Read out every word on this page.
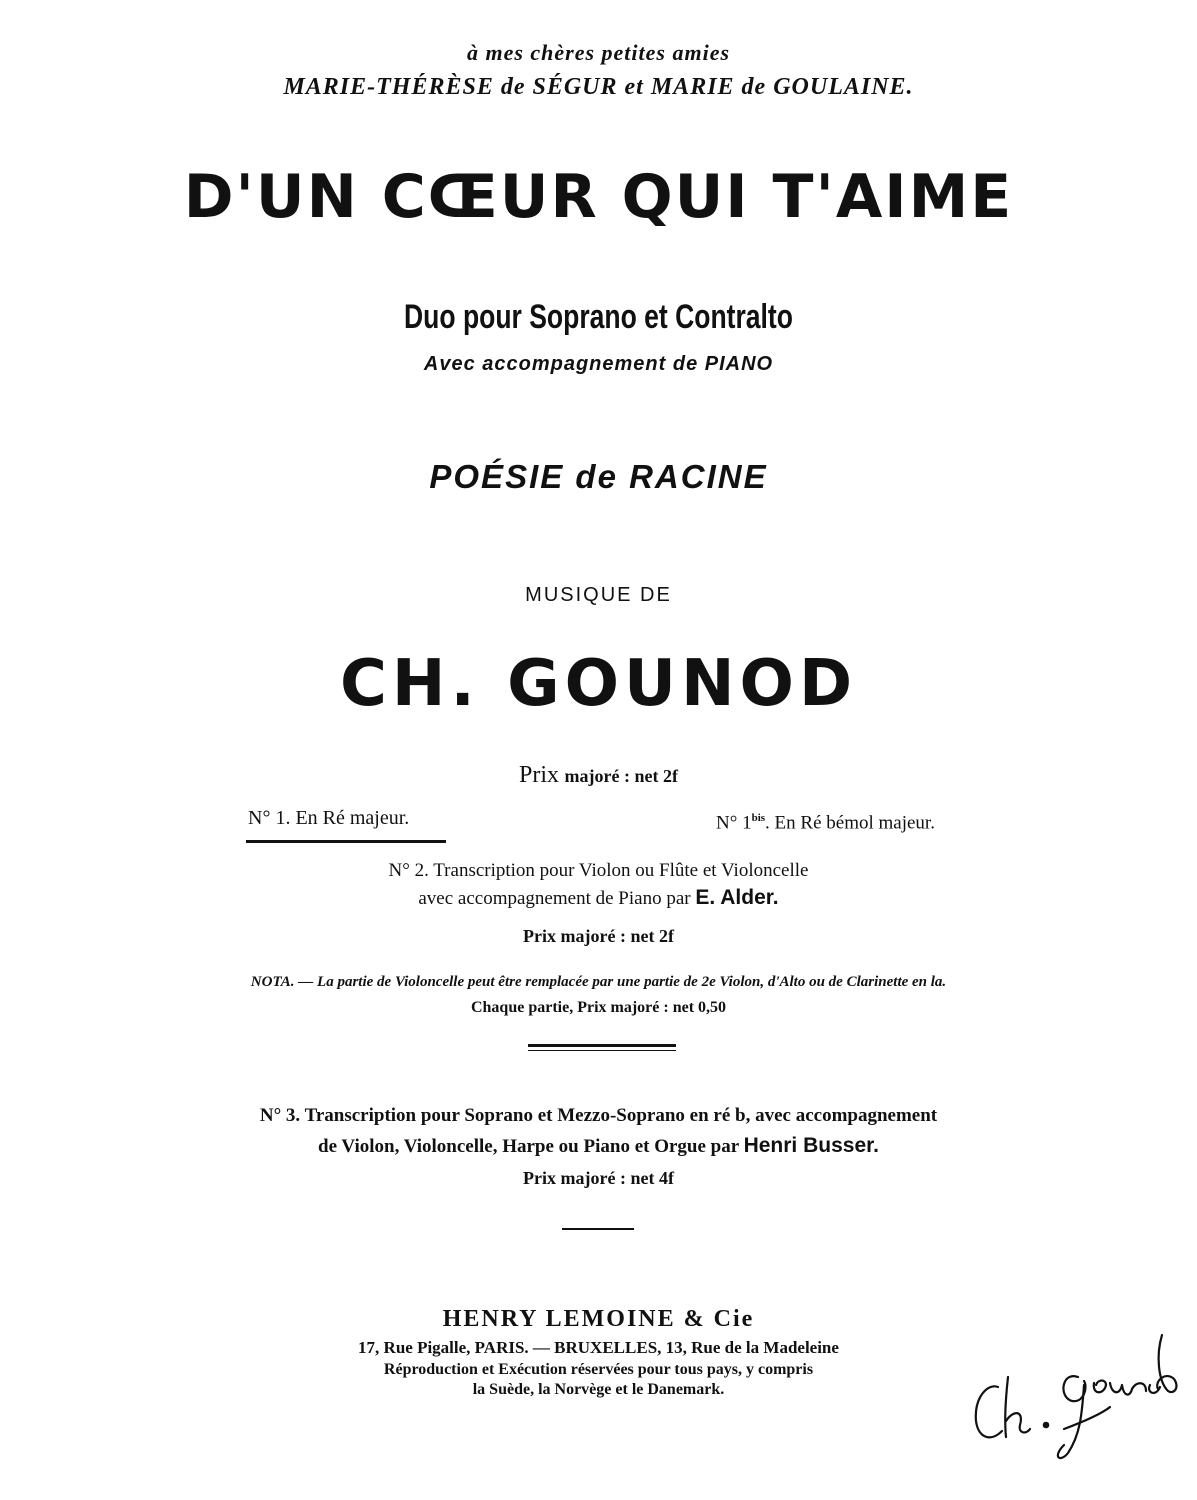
à mes chères petites amies
MARIE-THÉRÈSE de SÉGUR et MARIE de GOULAINE.
D'UN CŒUR QUI T'AIME
Duo pour Soprano et Contralto
Avec accompagnement de PIANO
POÉSIE de RACINE
MUSIQUE DE
CH. GOUNOD
Prix majoré : net 2f
N° 1. En Ré majeur.	N° $1^{bis}$. En Ré bémol majeur.
N° 2. Transcription pour Violon ou Flûte et Violoncelle
avec accompagnement de Piano par E. Alder.
Prix majoré : net 2f
NOTA. — La partie de Violoncelle peut être remplacée par une partie de 2e Violon, d'Alto ou de Clarinette en la.
Chaque partie, Prix majoré : net 0,50
N° 3. Transcription pour Soprano et Mezzo-Soprano en ré b, avec accompagnement
de Violon, Violoncelle, Harpe ou Piano et Orgue par Henri Busser.
Prix majoré : net 4f
HENRY LEMOINE & Cie
17, Rue Pigalle, PARIS. — BRUXELLES, 13, Rue de la Madeleine
Réproduction et Exécution réservées pour tous pays, y compris
la Suède, la Norvège et le Danemark.
